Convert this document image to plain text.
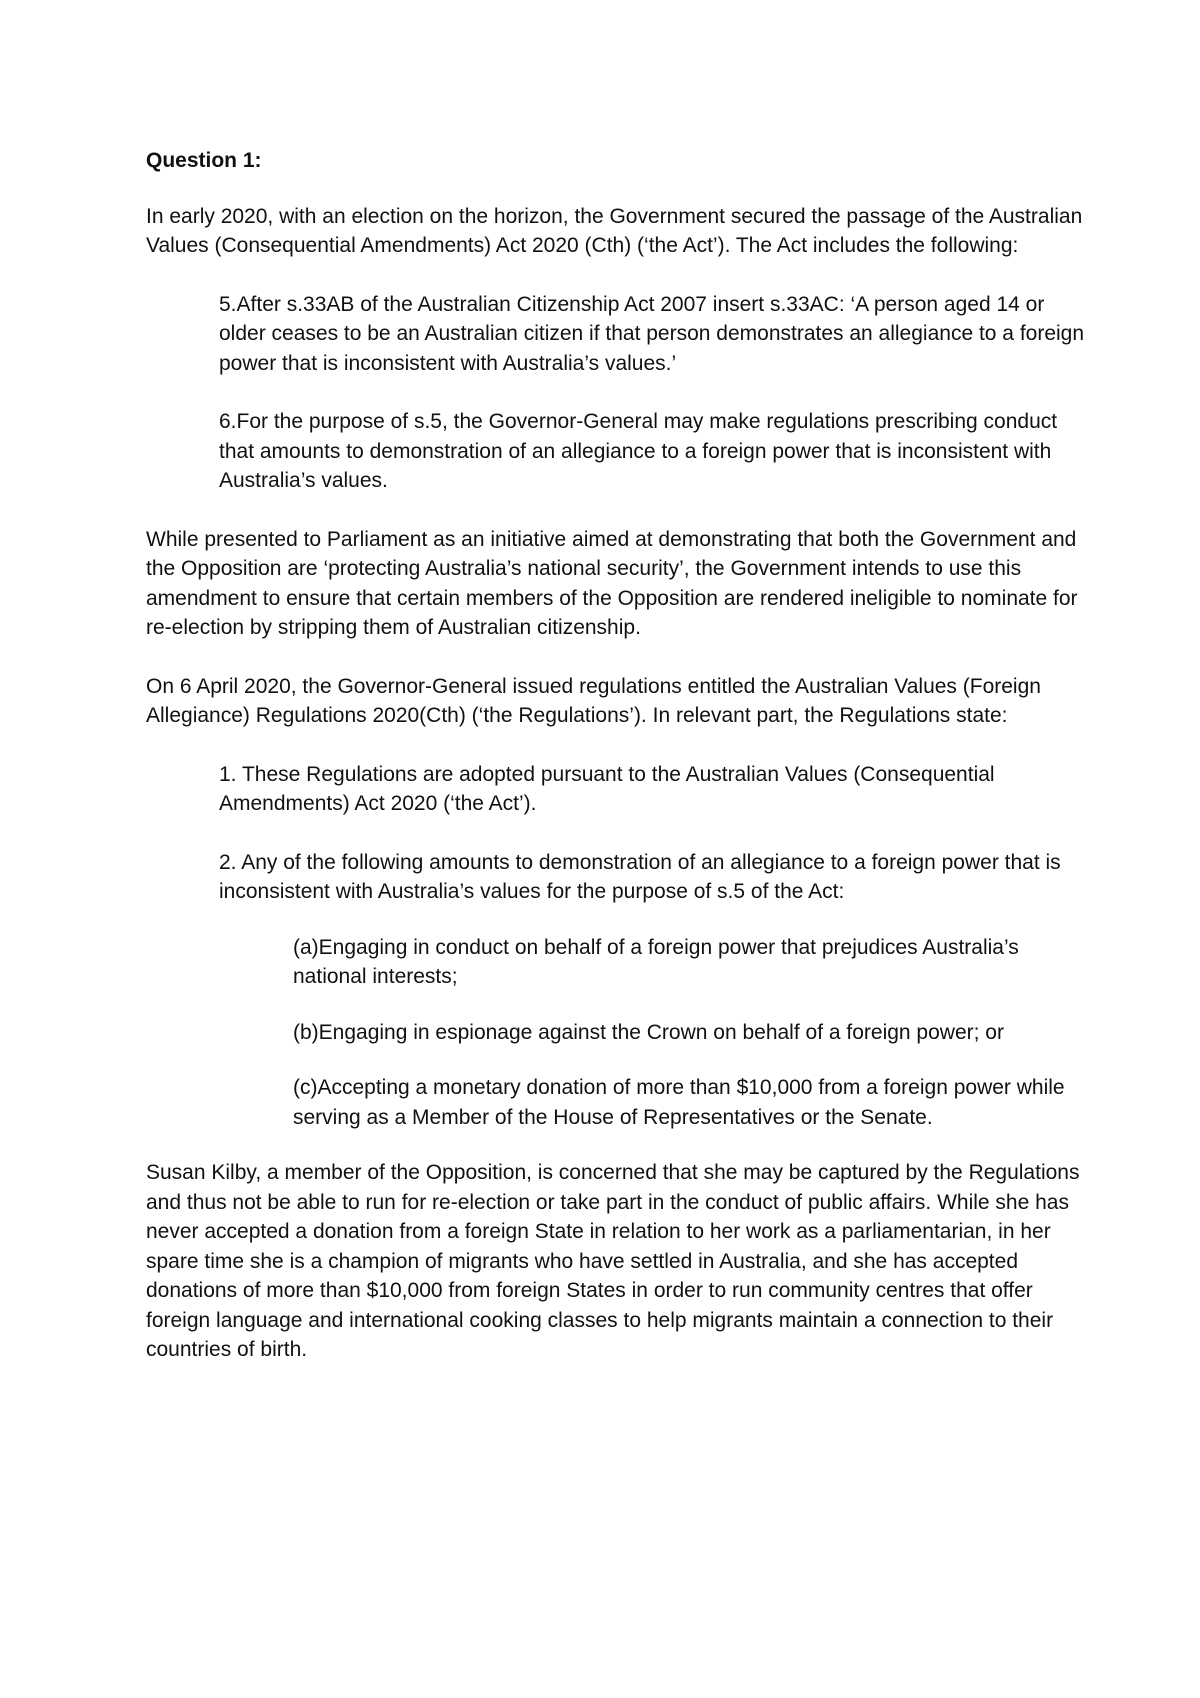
Question 1:

In early 2020, with an election on the horizon, the Government secured the passage of the Australian Values (Consequential Amendments) Act 2020 (Cth) (‘the Act’). The Act includes the following:

5.After s.33AB of the Australian Citizenship Act 2007 insert s.33AC: ‘A person aged 14 or older ceases to be an Australian citizen if that person demonstrates an allegiance to a foreign power that is inconsistent with Australia’s values.’

6.For the purpose of s.5, the Governor-General may make regulations prescribing conduct that amounts to demonstration of an allegiance to a foreign power that is inconsistent with Australia’s values.

While presented to Parliament as an initiative aimed at demonstrating that both the Government and the Opposition are ‘protecting Australia’s national security’, the Government intends to use this amendment to ensure that certain members of the Opposition are rendered ineligible to nominate for re-election by stripping them of Australian citizenship.

On 6 April 2020, the Governor-General issued regulations entitled the Australian Values (Foreign Allegiance) Regulations 2020(Cth) (‘the Regulations’). In relevant part, the Regulations state:

1. These Regulations are adopted pursuant to the Australian Values (Consequential Amendments) Act 2020 (‘the Act’).

2. Any of the following amounts to demonstration of an allegiance to a foreign power that is inconsistent with Australia’s values for the purpose of s.5 of the Act:

(a)Engaging in conduct on behalf of a foreign power that prejudices Australia’s national interests;

(b)Engaging in espionage against the Crown on behalf of a foreign power; or

(c)Accepting a monetary donation of more than $10,000 from a foreign power while serving as a Member of the House of Representatives or the Senate.

Susan Kilby, a member of the Opposition, is concerned that she may be captured by the Regulations and thus not be able to run for re-election or take part in the conduct of public affairs. While she has never accepted a donation from a foreign State in relation to her work as a parliamentarian, in her spare time she is a champion of migrants who have settled in Australia, and she has accepted donations of more than $10,000 from foreign States in order to run community centres that offer foreign language and international cooking classes to help migrants maintain a connection to their countries of birth.
